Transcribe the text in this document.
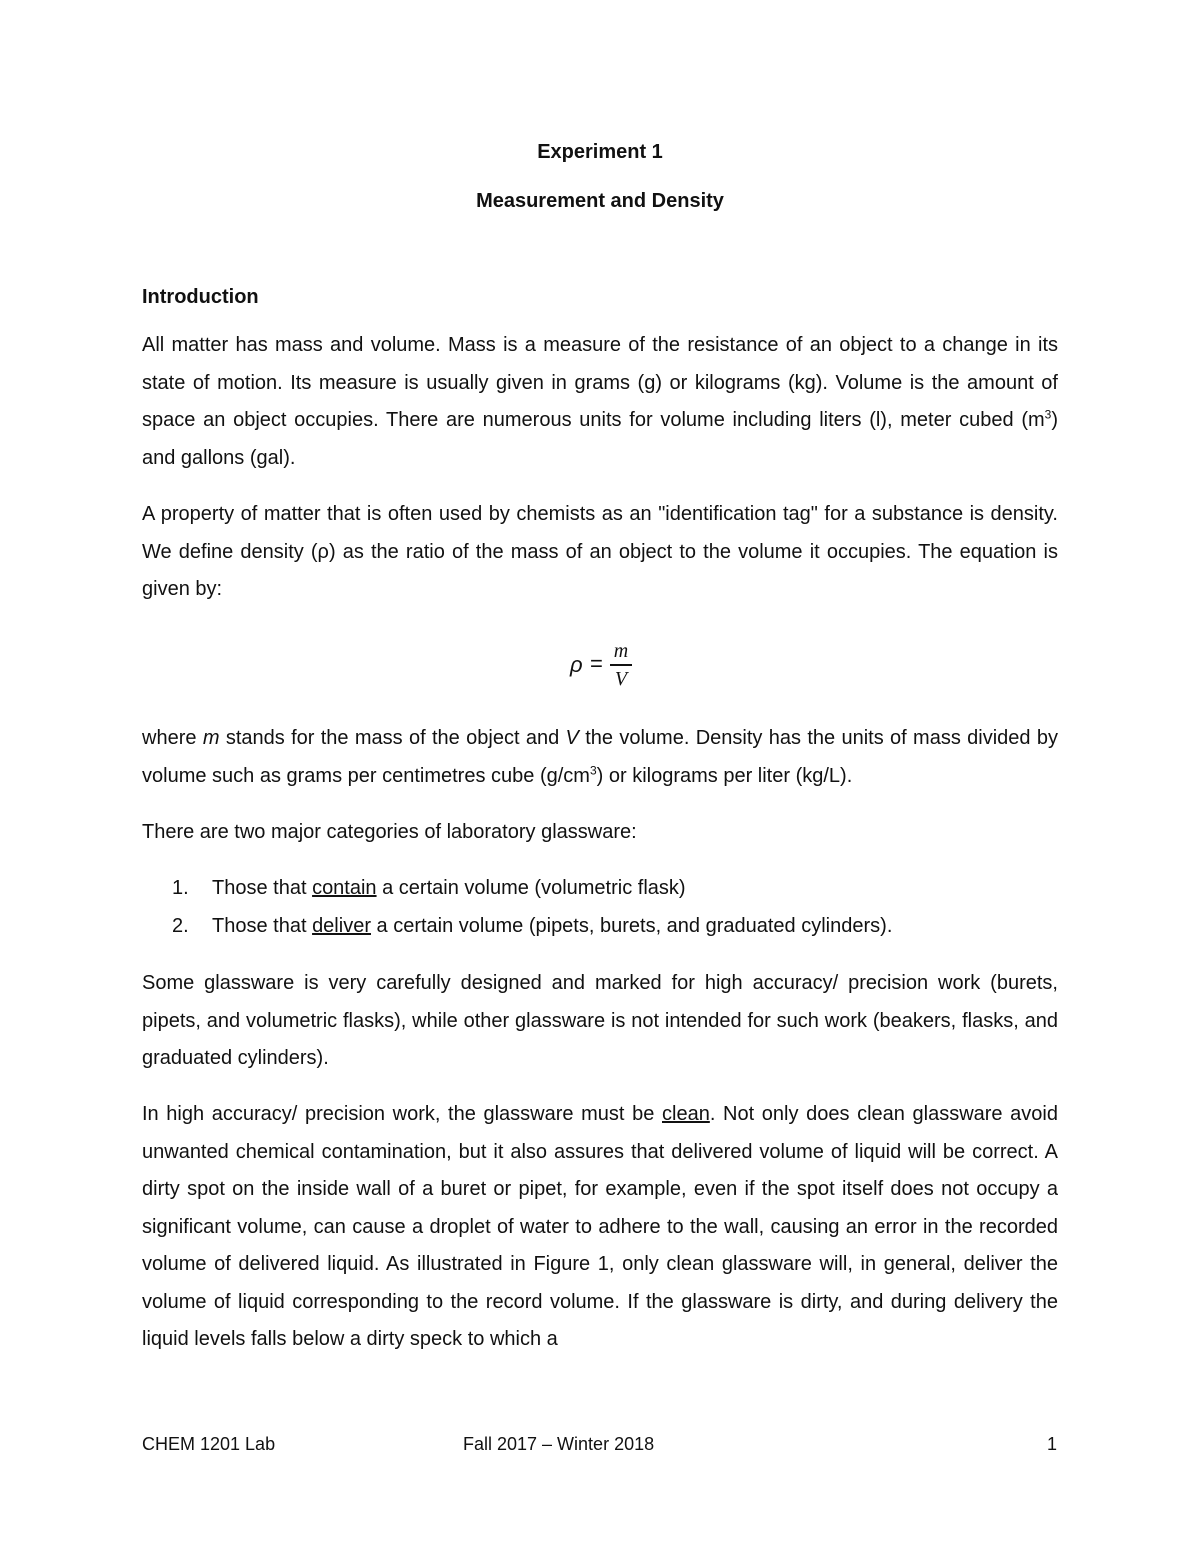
Experiment 1
Measurement and Density
Introduction

All matter has mass and volume. Mass is a measure of the resistance of an object to a change in its state of motion. Its measure is usually given in grams (g) or kilograms (kg). Volume is the amount of space an object occupies. There are numerous units for volume including liters (l), meter cubed $(m^3)$ and gallons (gal).

A property of matter that is often used by chemists as an "identification tag" for a substance is density. We define density (ρ) as the ratio of the mass of an object to the volume it occupies. The equation is given by:

ρ = m
V

where m stands for the mass of the object and V the volume. Density has the units of mass divided by volume such as grams per centimetres cube $(g/cm^3)$ or kilograms per liter (kg/L).

There are two major categories of laboratory glassware:

1. Those that contain a certain volume (volumetric flask)
2. Those that deliver a certain volume (pipets, burets, and graduated cylinders).

Some glassware is very carefully designed and marked for high accuracy/ precision work (burets, pipets, and volumetric flasks), while other glassware is not intended for such work (beakers, flasks, and graduated cylinders).

In high accuracy/ precision work, the glassware must be clean. Not only does clean glassware avoid unwanted chemical contamination, but it also assures that delivered volume of liquid will be correct. A dirty spot on the inside wall of a buret or pipet, for example, even if the spot itself does not occupy a significant volume, can cause a droplet of water to adhere to the wall, causing an error in the recorded volume of delivered liquid. As illustrated in Figure 1, only clean glassware will, in general, deliver the volume of liquid corresponding to the record volume. If the glassware is dirty, and during delivery the liquid levels falls below a dirty speck to which a

CHEM 1201 Lab	Fall 2017 – Winter 2018	1
